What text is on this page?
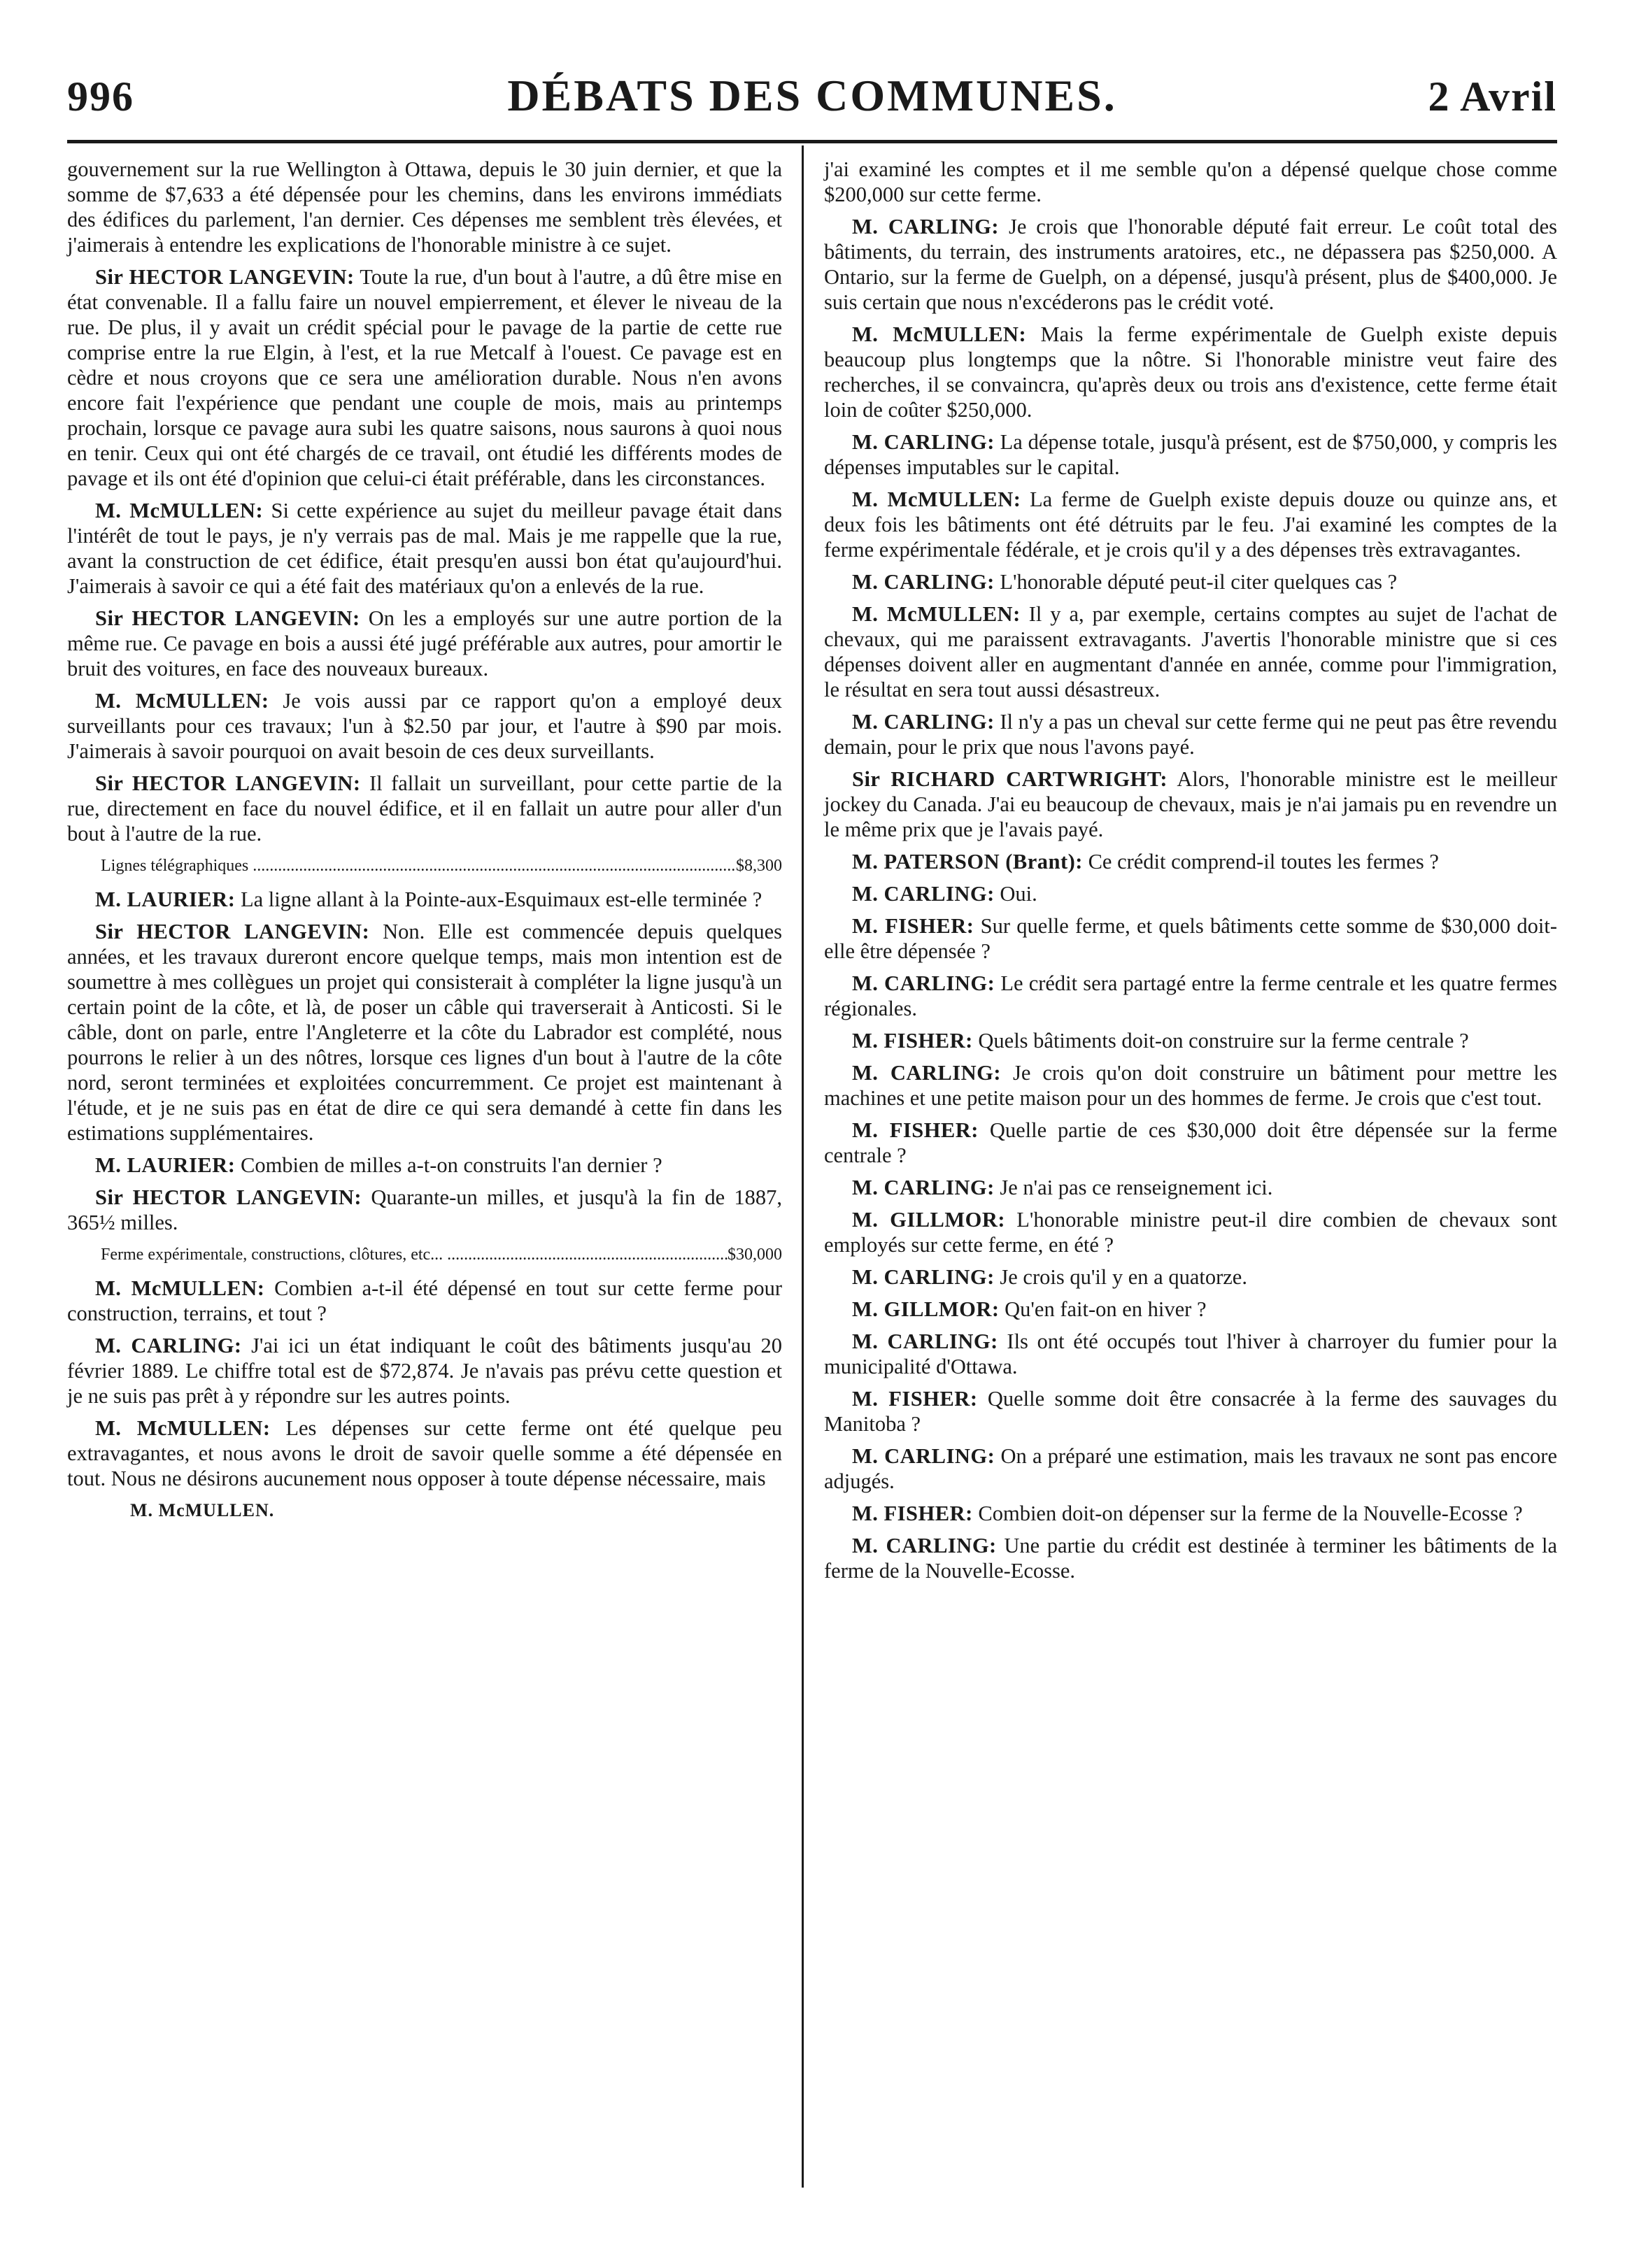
996	DÉBATS DES COMMUNES.	2 Avril

gouvernement sur la rue Wellington à Ottawa, depuis le 30 juin dernier, et que la somme de $7,633 a été dépensée pour les chemins, dans les environs immédiats des édifices du parlement, l'an dernier. Ces dépenses me semblent très élevées, et j'aimerais à entendre les explications de l'honorable ministre à ce sujet.

Sir HECTOR LANGEVIN: Toute la rue, d'un bout à l'autre, a dû être mise en état convenable. Il a fallu faire un nouvel empierrement, et élever le niveau de la rue. De plus, il y avait un crédit spécial pour le pavage de la partie de cette rue comprise entre la rue Elgin, à l'est, et la rue Metcalf à l'ouest. Ce pavage est en cèdre et nous croyons que ce sera une amélioration durable. Nous n'en avons encore fait l'expérience que pendant une couple de mois, mais au printemps prochain, lorsque ce pavage aura subi les quatre saisons, nous saurons à quoi nous en tenir. Ceux qui ont été chargés de ce travail, ont étudié les différents modes de pavage et ils ont été d'opinion que celui-ci était préférable, dans les circonstances.

M. McMULLEN: Si cette expérience au sujet du meilleur pavage était dans l'intérêt de tout le pays, je n'y verrais pas de mal. Mais je me rappelle que la rue, avant la construction de cet édifice, était presqu'en aussi bon état qu'aujourd'hui. J'aimerais à savoir ce qui a été fait des matériaux qu'on a enlevés de la rue.

Sir HECTOR LANGEVIN: On les a employés sur une autre portion de la même rue. Ce pavage en bois a aussi été jugé préférable aux autres, pour amortir le bruit des voitures, en face des nouveaux bureaux.

M. McMULLEN: Je vois aussi par ce rapport qu'on a employé deux surveillants pour ces travaux; l'un à $2.50 par jour, et l'autre à $90 par mois. J'aimerais à savoir pourquoi on avait besoin de ces deux surveillants.

Sir HECTOR LANGEVIN: Il fallait un surveillant, pour cette partie de la rue, directement en face du nouvel édifice, et il en fallait un autre pour aller d'un bout à l'autre de la rue.

Lignes télégraphiques .....	$8,300

M. LAURIER: La ligne allant à la Pointe-aux-Esquimaux est-elle terminée ?

Sir HECTOR LANGEVIN: Non. Elle est commencée depuis quelques années, et les travaux dureront encore quelque temps, mais mon intention est de soumettre à mes collègues un projet qui consisterait à compléter la ligne jusqu'à un certain point de la côte, et là, de poser un câble qui traverserait à Anticosti. Si le câble, dont on parle, entre l'Angleterre et la côte du Labrador est complété, nous pourrons le relier à un des nôtres, lorsque ces lignes d'un bout à l'autre de la côte nord, seront terminées et exploitées concurremment. Ce projet est maintenant à l'étude, et je ne suis pas en état de dire ce qui sera demandé à cette fin dans les estimations supplémentaires.

M. LAURIER: Combien de milles a-t-on construits l'an dernier ?

Sir HECTOR LANGEVIN: Quarante-un milles, et jusqu'à la fin de 1887, 365½ milles.

Ferme expérimentale, constructions, clôtures, etc... .....	$30,000

M. McMULLEN: Combien a-t-il été dépensé en tout sur cette ferme pour construction, terrains, et tout ?

M. CARLING: J'ai ici un état indiquant le coût des bâtiments jusqu'au 20 février 1889. Le chiffre total est de $72,874. Je n'avais pas prévu cette question et je ne suis pas prêt à y répondre sur les autres points.

M. McMULLEN: Les dépenses sur cette ferme ont été quelque peu extravagantes, et nous avons le droit de savoir quelle somme a été dépensée en tout. Nous ne désirons aucunement nous opposer à toute dépense nécessaire, mais

M. McMULLEN.

j'ai examiné les comptes et il me semble qu'on a dépensé quelque chose comme $200,000 sur cette ferme.

M. CARLING: Je crois que l'honorable député fait erreur. Le coût total des bâtiments, du terrain, des instruments aratoires, etc., ne dépassera pas $250,000. A Ontario, sur la ferme de Guelph, on a dépensé, jusqu'à présent, plus de $400,000. Je suis certain que nous n'excéderons pas le crédit voté.

M. McMULLEN: Mais la ferme expérimentale de Guelph existe depuis beaucoup plus longtemps que la nôtre. Si l'honorable ministre veut faire des recherches, il se convaincra, qu'après deux ou trois ans d'existence, cette ferme était loin de coûter $250,000.

M. CARLING: La dépense totale, jusqu'à présent, est de $750,000, y compris les dépenses imputables sur le capital.

M. McMULLEN: La ferme de Guelph existe depuis douze ou quinze ans, et deux fois les bâtiments ont été détruits par le feu. J'ai examiné les comptes de la ferme expérimentale fédérale, et je crois qu'il y a des dépenses très extravagantes.

M. CARLING: L'honorable député peut-il citer quelques cas ?

M. McMULLEN: Il y a, par exemple, certains comptes au sujet de l'achat de chevaux, qui me paraissent extravagants. J'avertis l'honorable ministre que si ces dépenses doivent aller en augmentant d'année en année, comme pour l'immigration, le résultat en sera tout aussi désastreux.

M. CARLING: Il n'y a pas un cheval sur cette ferme qui ne peut pas être revendu demain, pour le prix que nous l'avons payé.

Sir RICHARD CARTWRIGHT: Alors, l'honorable ministre est le meilleur jockey du Canada. J'ai eu beaucoup de chevaux, mais je n'ai jamais pu en revendre un le même prix que je l'avais payé.

M. PATERSON (Brant): Ce crédit comprend-il toutes les fermes ?

M. CARLING: Oui.

M. FISHER: Sur quelle ferme, et quels bâtiments cette somme de $30,000 doit-elle être dépensée ?

M. CARLING: Le crédit sera partagé entre la ferme centrale et les quatre fermes régionales.

M. FISHER: Quels bâtiments doit-on construire sur la ferme centrale ?

M. CARLING: Je crois qu'on doit construire un bâtiment pour mettre les machines et une petite maison pour un des hommes de ferme. Je crois que c'est tout.

M. FISHER: Quelle partie de ces $30,000 doit être dépensée sur la ferme centrale ?

M. CARLING: Je n'ai pas ce renseignement ici.

M. GILLMOR: L'honorable ministre peut-il dire combien de chevaux sont employés sur cette ferme, en été ?

M. CARLING: Je crois qu'il y en a quatorze.

M. GILLMOR: Qu'en fait-on en hiver ?

M. CARLING: Ils ont été occupés tout l'hiver à charroyer du fumier pour la municipalité d'Ottawa.

M. FISHER: Quelle somme doit être consacrée à la ferme des sauvages du Manitoba ?

M. CARLING: On a préparé une estimation, mais les travaux ne sont pas encore adjugés.

M. FISHER: Combien doit-on dépenser sur la ferme de la Nouvelle-Ecosse ?

M. CARLING: Une partie du crédit est destinée à terminer les bâtiments de la ferme de la Nouvelle-Ecosse.
